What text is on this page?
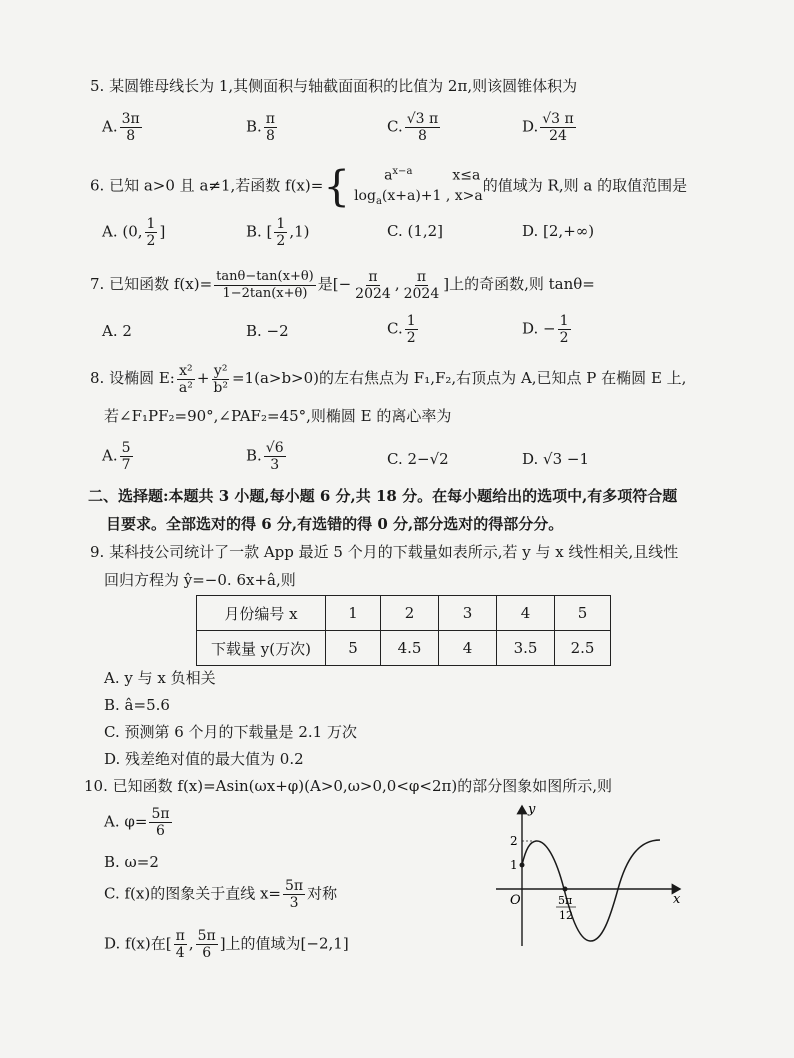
5. 某圆锥母线长为 1,其侧面积与轴截面面积的比值为 2π,则该圆锥体积为
A. $\frac{3\pi}{8}$	B. $\frac{\pi}{8}$	C. $\frac{√3 \pi}{8}$	D. $\frac{√3 \pi}{24}$
6. 已知 a>0 且 a≠1,若函数 f(x)={	$a^{x-a}$	x≤a
$\log_a(x+a)+1$ , x>a
的值域为 R,则 a 的取值范围是
A. (0, $\frac{1}{2}$ ]	B. [ $\frac{1}{2} ,1$)	C. (1,2]	D. [2,+∞)
7. 已知函数 $f(x)= \frac{\tan\theta-\tan(x+\theta)}{1-2\tan(x+\theta)}$ 是[− $\frac{\pi}{2024}$ , $\frac{\pi}{2024}$ ]上的奇函数,则 tanθ=
A. 2	B. −2	C. $\frac{1}{2}$	D. − $\frac{1}{2}$
8. 设椭圆 E: $\frac{\text{x²}}{\text{a²}} + \frac{\text{y²}}{\text{b²}} =1(a>b>0)$的左右焦点为 F₁,F₂,右顶点为 A,已知点 P 在椭圆 E 上,
若∠F₁PF₂=90°,∠PAF₂=45°,则椭圆 E 的离心率为
A. $\frac{5}{7}$	B. $\frac{√6}{3}$	C. 2−√2	D. √3 −1
二、选择题:本题共 3 小题,每小题 6 分,共 18 分。在每小题给出的选项中,有多项符合题
目要求。全部选对的得 6 分,有选错的得 0 分,部分选对的得部分分。
9. 某科技公司统计了一款 App 最近 5 个月的下载量如表所示,若 y 与 x 线性相关,且线性
回归方程为 ŷ=−0. 6x+â,则
月份编号 x	1	2	3	4	5
下载量 y(万次)	5	4.5	4	3.5	2.5
A. y 与 x 负相关
B. â=5.6
C. 预测第 6 个月的下载量是 2.1 万次
D. 残差绝对值的最大值为 0.2
10. 已知函数 f(x)=Asin(ωx+φ)(A>0,ω>0,0<φ<2π)的部分图象如图所示,则
A. $\varphi= \frac{5\pi}{6}$
B. ω=2
C. f(x)的图象关于直线 $x= \frac{5\pi}{3}$ 对称
D. f(x)在[ $\frac{\pi}{4}$ , $\frac{5\pi}{6}$ ]上的值域为[−2,1]
y
x
O
2
1
5π
12
